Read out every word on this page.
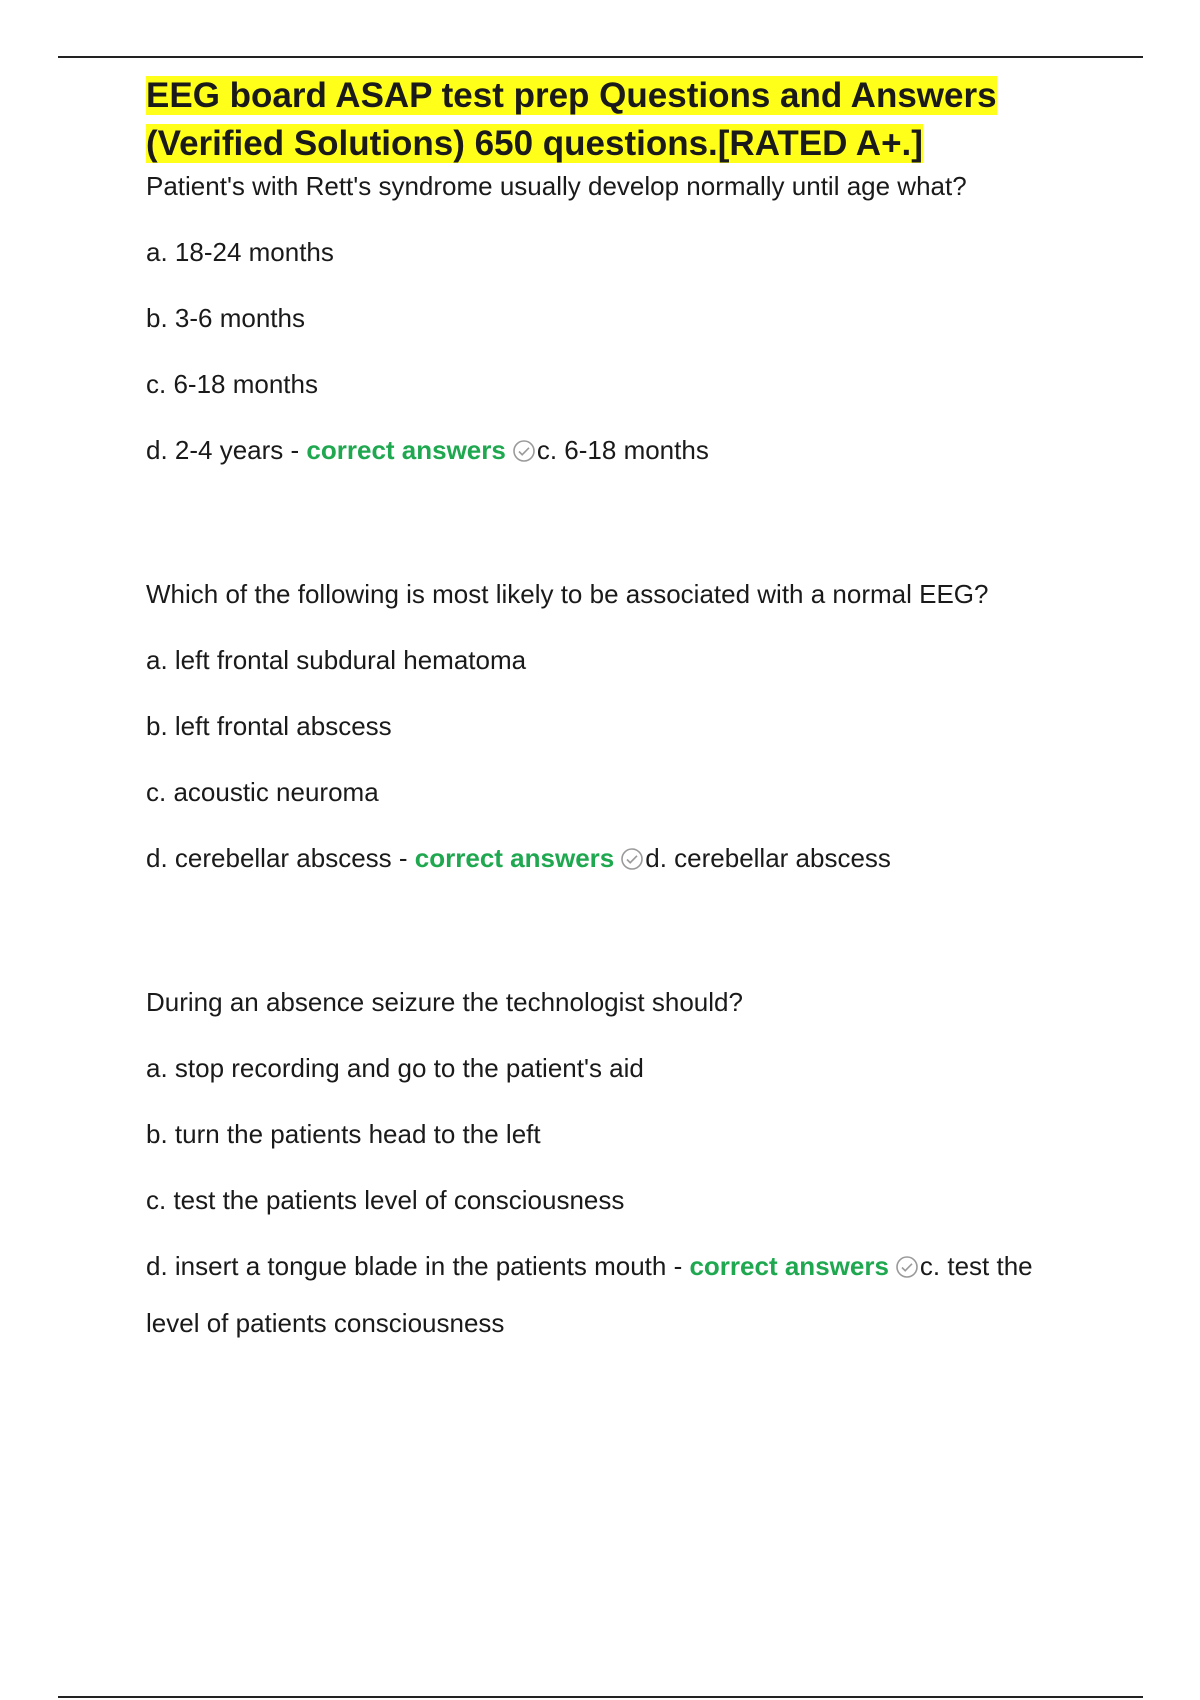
EEG board ASAP test prep Questions and Answers
(Verified Solutions) 650 questions.[RATED A+.]

Patient's with Rett's syndrome usually develop normally until age what?

a. 18-24 months
b. 3-6 months
c. 6-18 months
d. 2-4 years - correct answers c. 6-18 months

Which of the following is most likely to be associated with a normal EEG?

a. left frontal subdural hematoma
b. left frontal abscess
c. acoustic neuroma
d. cerebellar abscess - correct answers d. cerebellar abscess

During an absence seizure the technologist should?

a. stop recording and go to the patient's aid
b. turn the patients head to the left
c. test the patients level of consciousness
d. insert a tongue blade in the patients mouth - correct answers c. test the level of patients consciousness
